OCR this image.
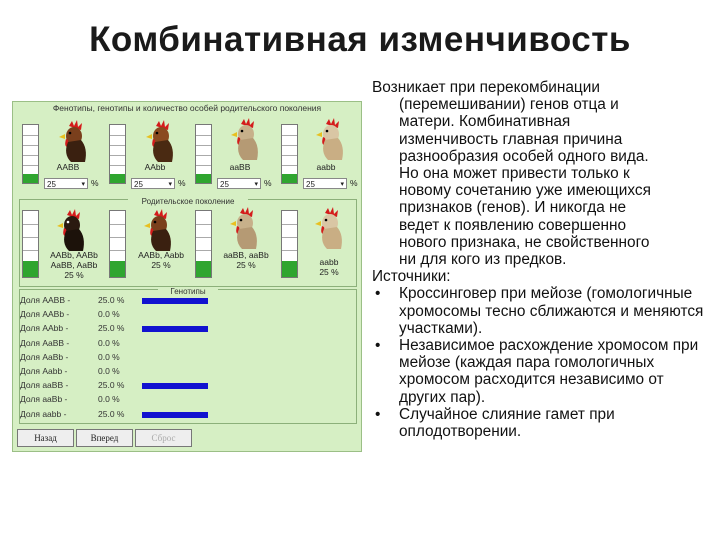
Комбинативная изменчивость
Фенотипы, генотипы и количество особей родительского поколения
AABB
25	▾ %
AAbb
25	▾ %
aaBB
25	▾ %
aabb
25	▾ %
Родительское поколение
AABb, AABb
AaBB, AaBb
25 %
AABb, Aabb
25 %
aaBB, aaBb
25 %	aabb
25 %
Генотипы
Доля AABB -	25.0 %
Доля AABb -	0.0 %
Доля AAbb -	25.0 %
Доля AaBB -	0.0 %
Доля AaBb -	0.0 %
Доля Aabb -	0.0 %
Доля aaBB -	25.0 %
Доля aaBb -	0.0 %
Доля aabb -	25.0 %
Назад	Вперед	Сброс
Возникает при перекомбинации
(перемешивании) генов отца и
матери. Комбинативная
изменчивость главная причина
разнообразия особей одного вида.
Но она может привести только к
новому сочетанию уже имеющихся
признаков (генов). И никогда не
ведет к появлению совершенно
нового признака, не свойственного
ни для кого из предков.
Источники:
• Кроссинговер при мейозе (гомологичные хромосомы тесно сближаются и меняются участками).
• Независимое расхождение хромосом при мейозе (каждая пара гомологичных хромосом расходится независимо от других пар).
• Случайное слияние гамет при оплодотворении.
